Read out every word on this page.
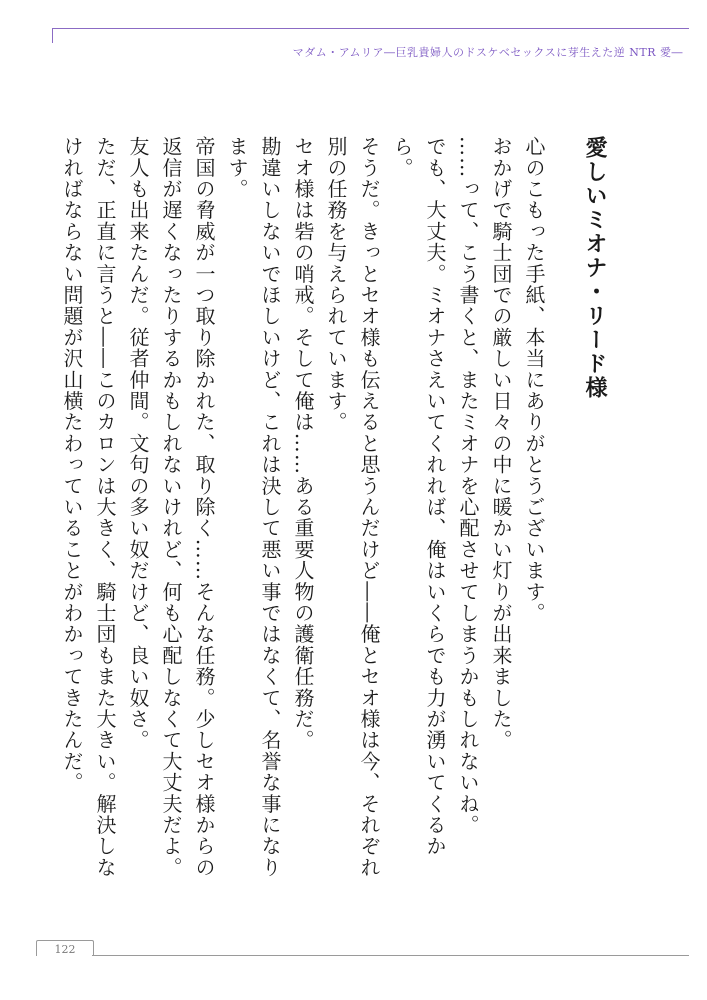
マダム・アムリア―巨乳貴婦人のドスケベセックスに芽生えた逆 NTR 愛―
愛しいミオナ・リード様

心のこもった手紙、本当にありがとうございます。

おかげで騎士団での厳しい日々の中に暖かい灯りが出来ました。

……って、こう書くと、またミオナを心配させてしまうかもしれないね。

でも、大丈夫。ミオナさえいてくれれば、俺はいくらでも力が湧いてくるから。

そうだ。きっとセオ様も伝えると思うんだけど――俺とセオ様は今、それぞれ別の任務を与えられています。

セオ様は砦の哨戒。そして俺は……ある重要人物の護衛任務だ。

勘違いしないでほしいけど、これは決して悪い事ではなくて、名誉な事になります。

帝国の脅威が一つ取り除かれた、取り除く……そんな任務。少しセオ様からの返信が遅くなったりするかもしれないけれど、何も心配しなくて大丈夫だよ。

友人も出来たんだ。従者仲間。文句の多い奴だけど、良い奴さ。

ただ、正直に言うと――このカロンは大きく、騎士団もまた大きい。解決しなければならない問題が沢山横たわっていることがわかってきたんだ。

122
